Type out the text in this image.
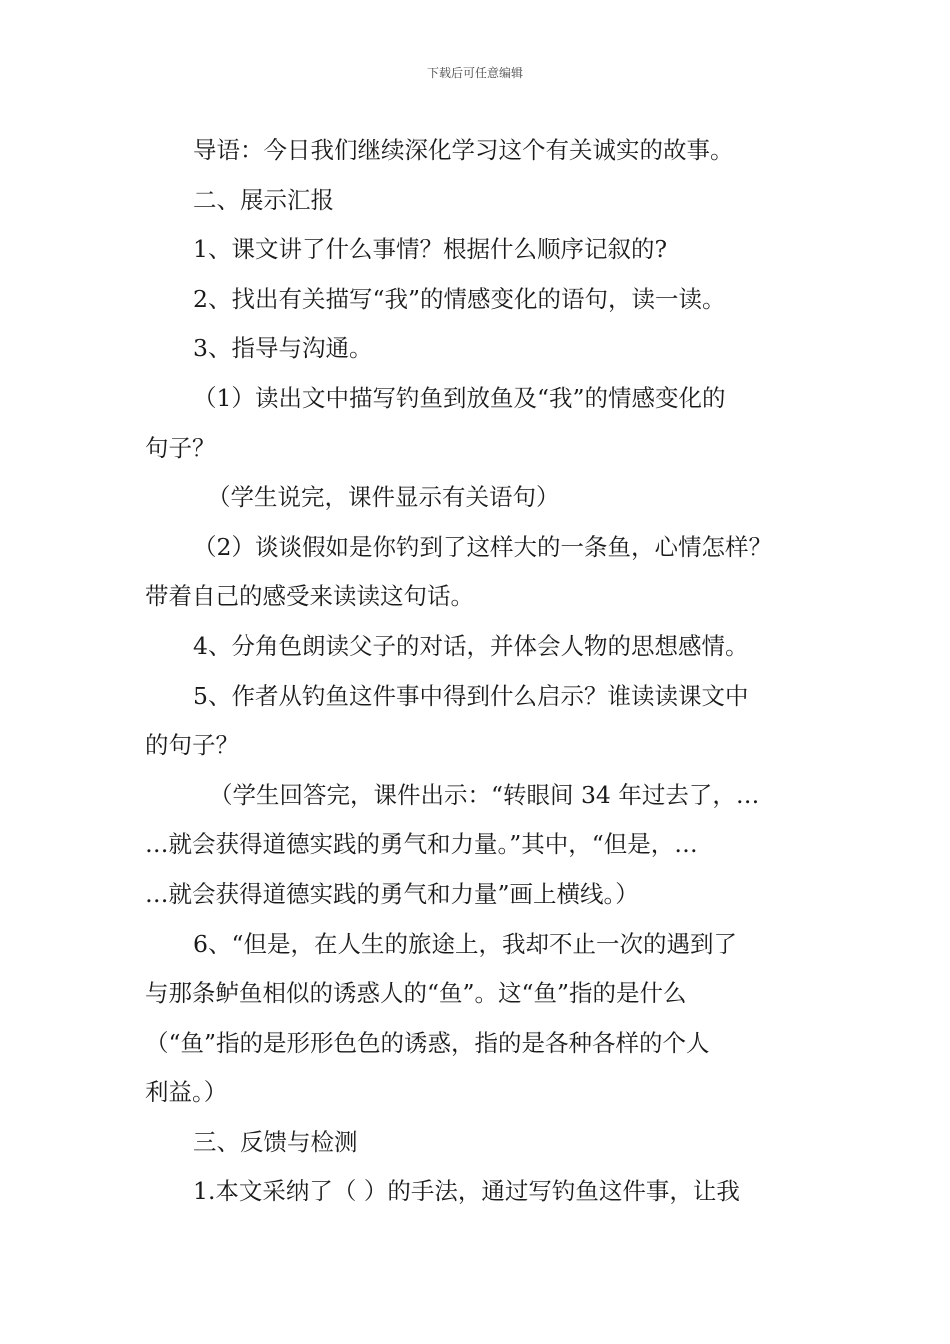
下载后可任意编辑
导语：今日我们继续深化学习这个有关诚实的故事。
二、展示汇报
1、课文讲了什么事情？根据什么顺序记叙的?
2、找出有关描写“我”的情感变化的语句，读一读。
3、指导与沟通。
（1）读出文中描写钓鱼到放鱼及“我”的情感变化的
句子？
（学生说完，课件显示有关语句）
（2）谈谈假如是你钓到了这样大的一条鱼，心情怎样？
带着自己的感受来读读这句话。
4、分角色朗读父子的对话，并体会人物的思想感情。
5、作者从钓鱼这件事中得到什么启示？谁读读课文中
的句子？
（学生回答完，课件出示：“转眼间 34 年过去了，…
…就会获得道德实践的勇气和力量。”其中，“但是，…
…就会获得道德实践的勇气和力量”画上横线。）
6、“但是，在人生的旅途上，我却不止一次的遇到了
与那条鲈鱼相似的诱惑人的“鱼”。这“鱼”指的是什么
（“鱼”指的是形形色色的诱惑，指的是各种各样的个人
利益。）
三、反馈与检测
1.本文采纳了（ ）的手法，通过写钓鱼这件事，让我
